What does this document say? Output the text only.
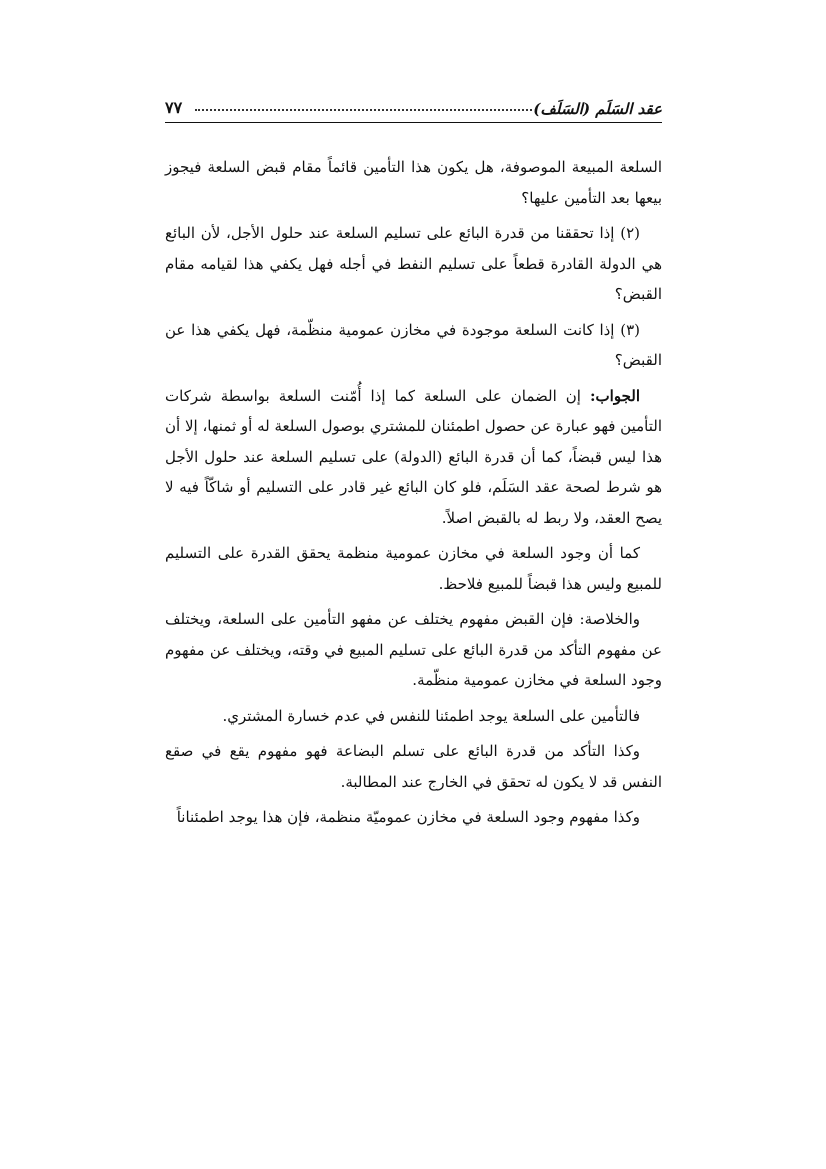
عقد السَلَم (السَلَف)
٧٧

السلعة المبيعة الموصوفة، هل يكون هذا التأمين قائماً مقام قبض السلعة فيجوز بيعها بعد التأمين عليها؟

(٢) إذا تحققنا من قدرة البائع على تسليم السلعة عند حلول الأجل، لأن البائع هي الدولة القادرة قطعاً على تسليم النفط في أجله فهل يكفي هذا لقيامه مقام القبض؟

(٣) إذا كانت السلعة موجودة في مخازن عمومية منظّمة، فهل يكفي هذا عن القبض؟

الجواب: إن الضمان على السلعة كما إذا أُمّنت السلعة بواسطة شركات التأمين فهو عبارة عن حصول اطمئنان للمشتري بوصول السلعة له أو ثمنها، إلا أن هذا ليس قبضاً، كما أن قدرة البائع (الدولة) على تسليم السلعة عند حلول الأجل هو شرط لصحة عقد السَلَم، فلو كان البائع غير قادر على التسليم أو شاكّاً فيه لا يصح العقد، ولا ربط له بالقبض اصلاً.

كما أن وجود السلعة في مخازن عمومية منظمة يحقق القدرة على التسليم للمبيع وليس هذا قبضاً للمبيع فلاحظ.

والخلاصة: فإن القبض مفهوم يختلف عن مفهو التأمين على السلعة، ويختلف عن مفهوم التأكد من قدرة البائع على تسليم المبيع في وقته، ويختلف عن مفهوم وجود السلعة في مخازن عمومية منظّمة.

فالتأمين على السلعة يوجد اطمئنا للنفس في عدم خسارة المشتري.

وكذا التأكد من قدرة البائع على تسلم البضاعة فهو مفهوم يقع في صقع النفس قد لا يكون له تحقق في الخارج عند المطالبة.

وكذا مفهوم وجود السلعة في مخازن عموميّة منظمة، فإن هذا يوجد اطمئناناً
